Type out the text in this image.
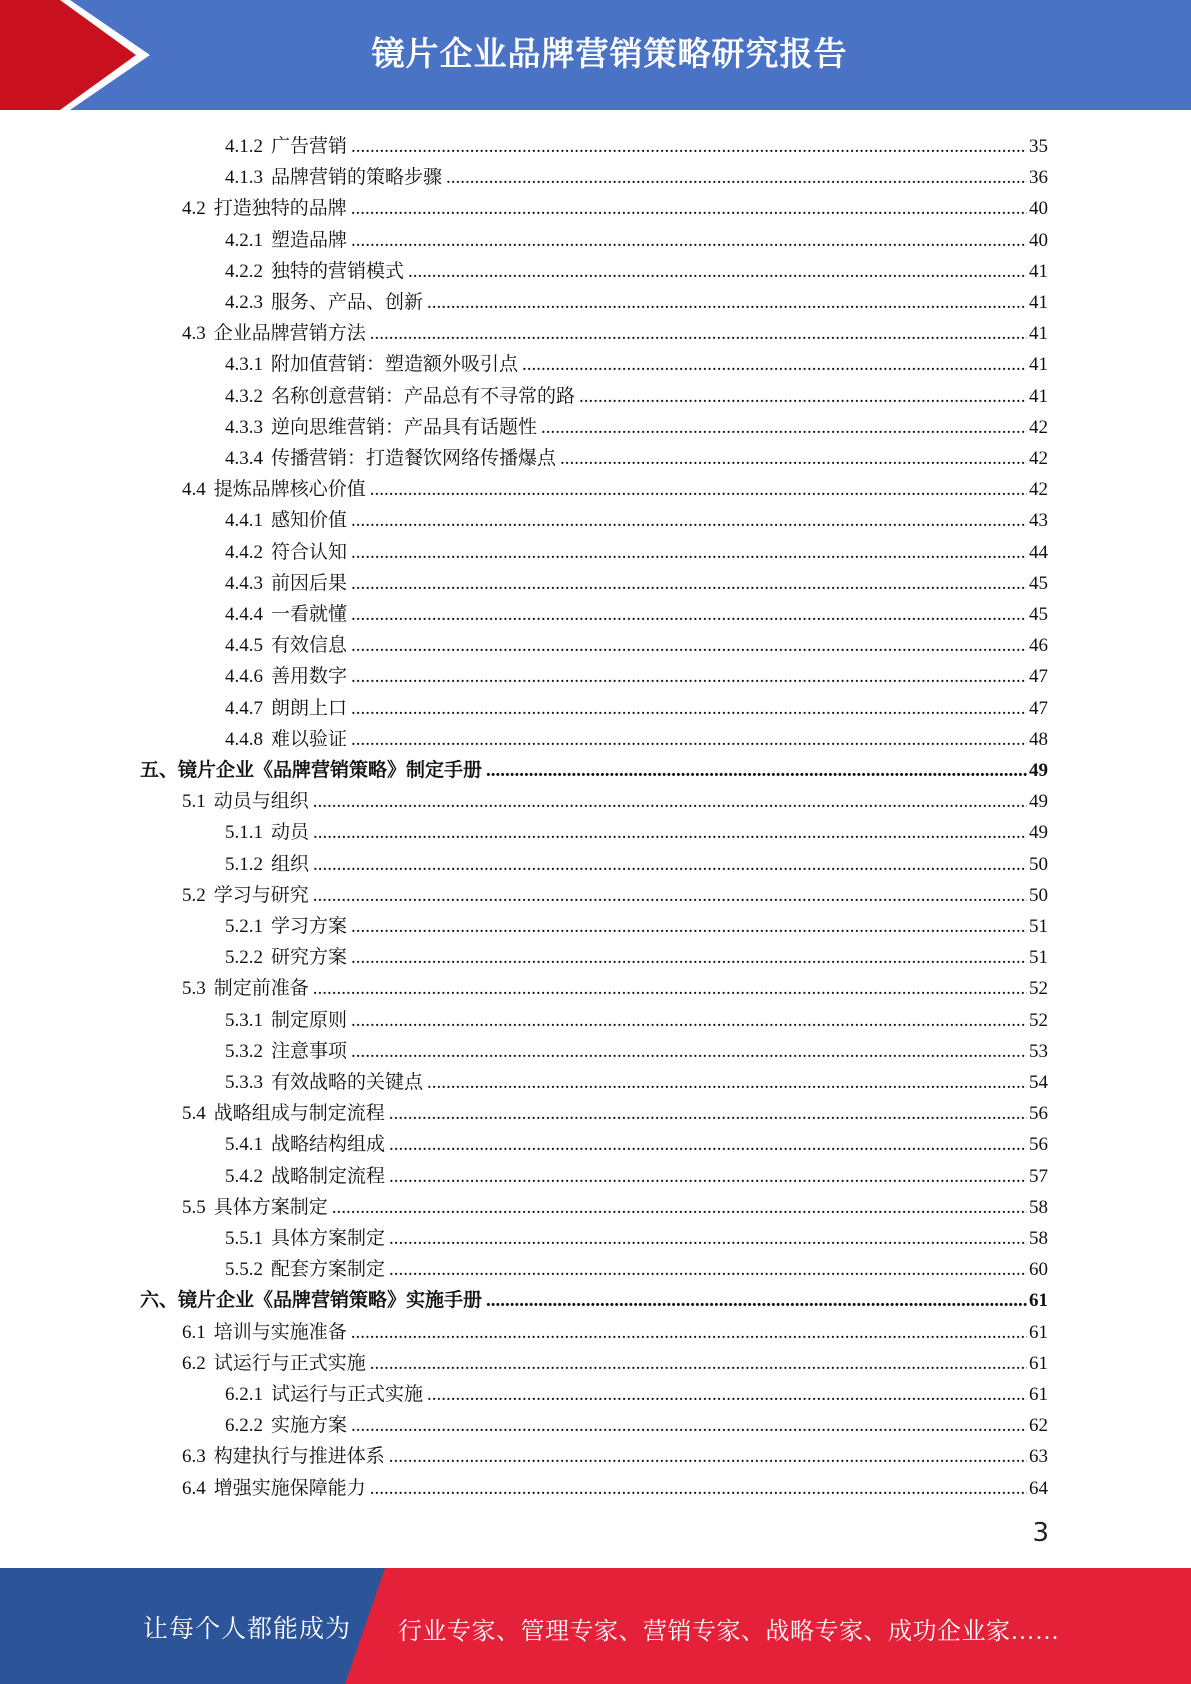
镜片企业品牌营销策略研究报告
4.1.2 广告营销 .....	35
4.1.3 品牌营销的策略步骤 .....	36
4.2 打造独特的品牌 .....	40
4.2.1 塑造品牌 .....	40
4.2.2 独特的营销模式 .....	41
4.2.3 服务、产品、创新 .....	41
4.3 企业品牌营销方法 .....	41
4.3.1 附加值营销：塑造额外吸引点 .....	41
4.3.2 名称创意营销：产品总有不寻常的路 .....	41
4.3.3 逆向思维营销：产品具有话题性 .....	42
4.3.4 传播营销：打造餐饮网络传播爆点 .....	42
4.4 提炼品牌核心价值 .....	42
4.4.1 感知价值 .....	43
4.4.2 符合认知 .....	44
4.4.3 前因后果 .....	45
4.4.4 一看就懂 .....	45
4.4.5 有效信息 .....	46
4.4.6 善用数字 .....	47
4.4.7 朗朗上口 .....	47
4.4.8 难以验证 .....	48
五、 镜片企业《品牌营销策略》制定手册 .....	49
5.1 动员与组织 .....	49
5.1.1 动员 .....	49
5.1.2 组织 .....	50
5.2 学习与研究 .....	50
5.2.1 学习方案 .....	51
5.2.2 研究方案 .....	51
5.3 制定前准备 .....	52
5.3.1 制定原则 .....	52
5.3.2 注意事项 .....	53
5.3.3 有效战略的关键点 .....	54
5.4 战略组成与制定流程 .....	56
5.4.1 战略结构组成 .....	56
5.4.2 战略制定流程 .....	57
5.5 具体方案制定 .....	58
5.5.1 具体方案制定 .....	58
5.5.2 配套方案制定 .....	60
六、 镜片企业《品牌营销策略》实施手册 .....	61
6.1 培训与实施准备 .....	61
6.2 试运行与正式实施 .....	61
6.2.1 试运行与正式实施 .....	61
6.2.2 实施方案 .....	62
6.3 构建执行与推进体系 .....	63
6.4 增强实施保障能力 .....	64
3
让每个人都能成为 行业专家、管理专家、营销专家、战略专家、成功企业家……
